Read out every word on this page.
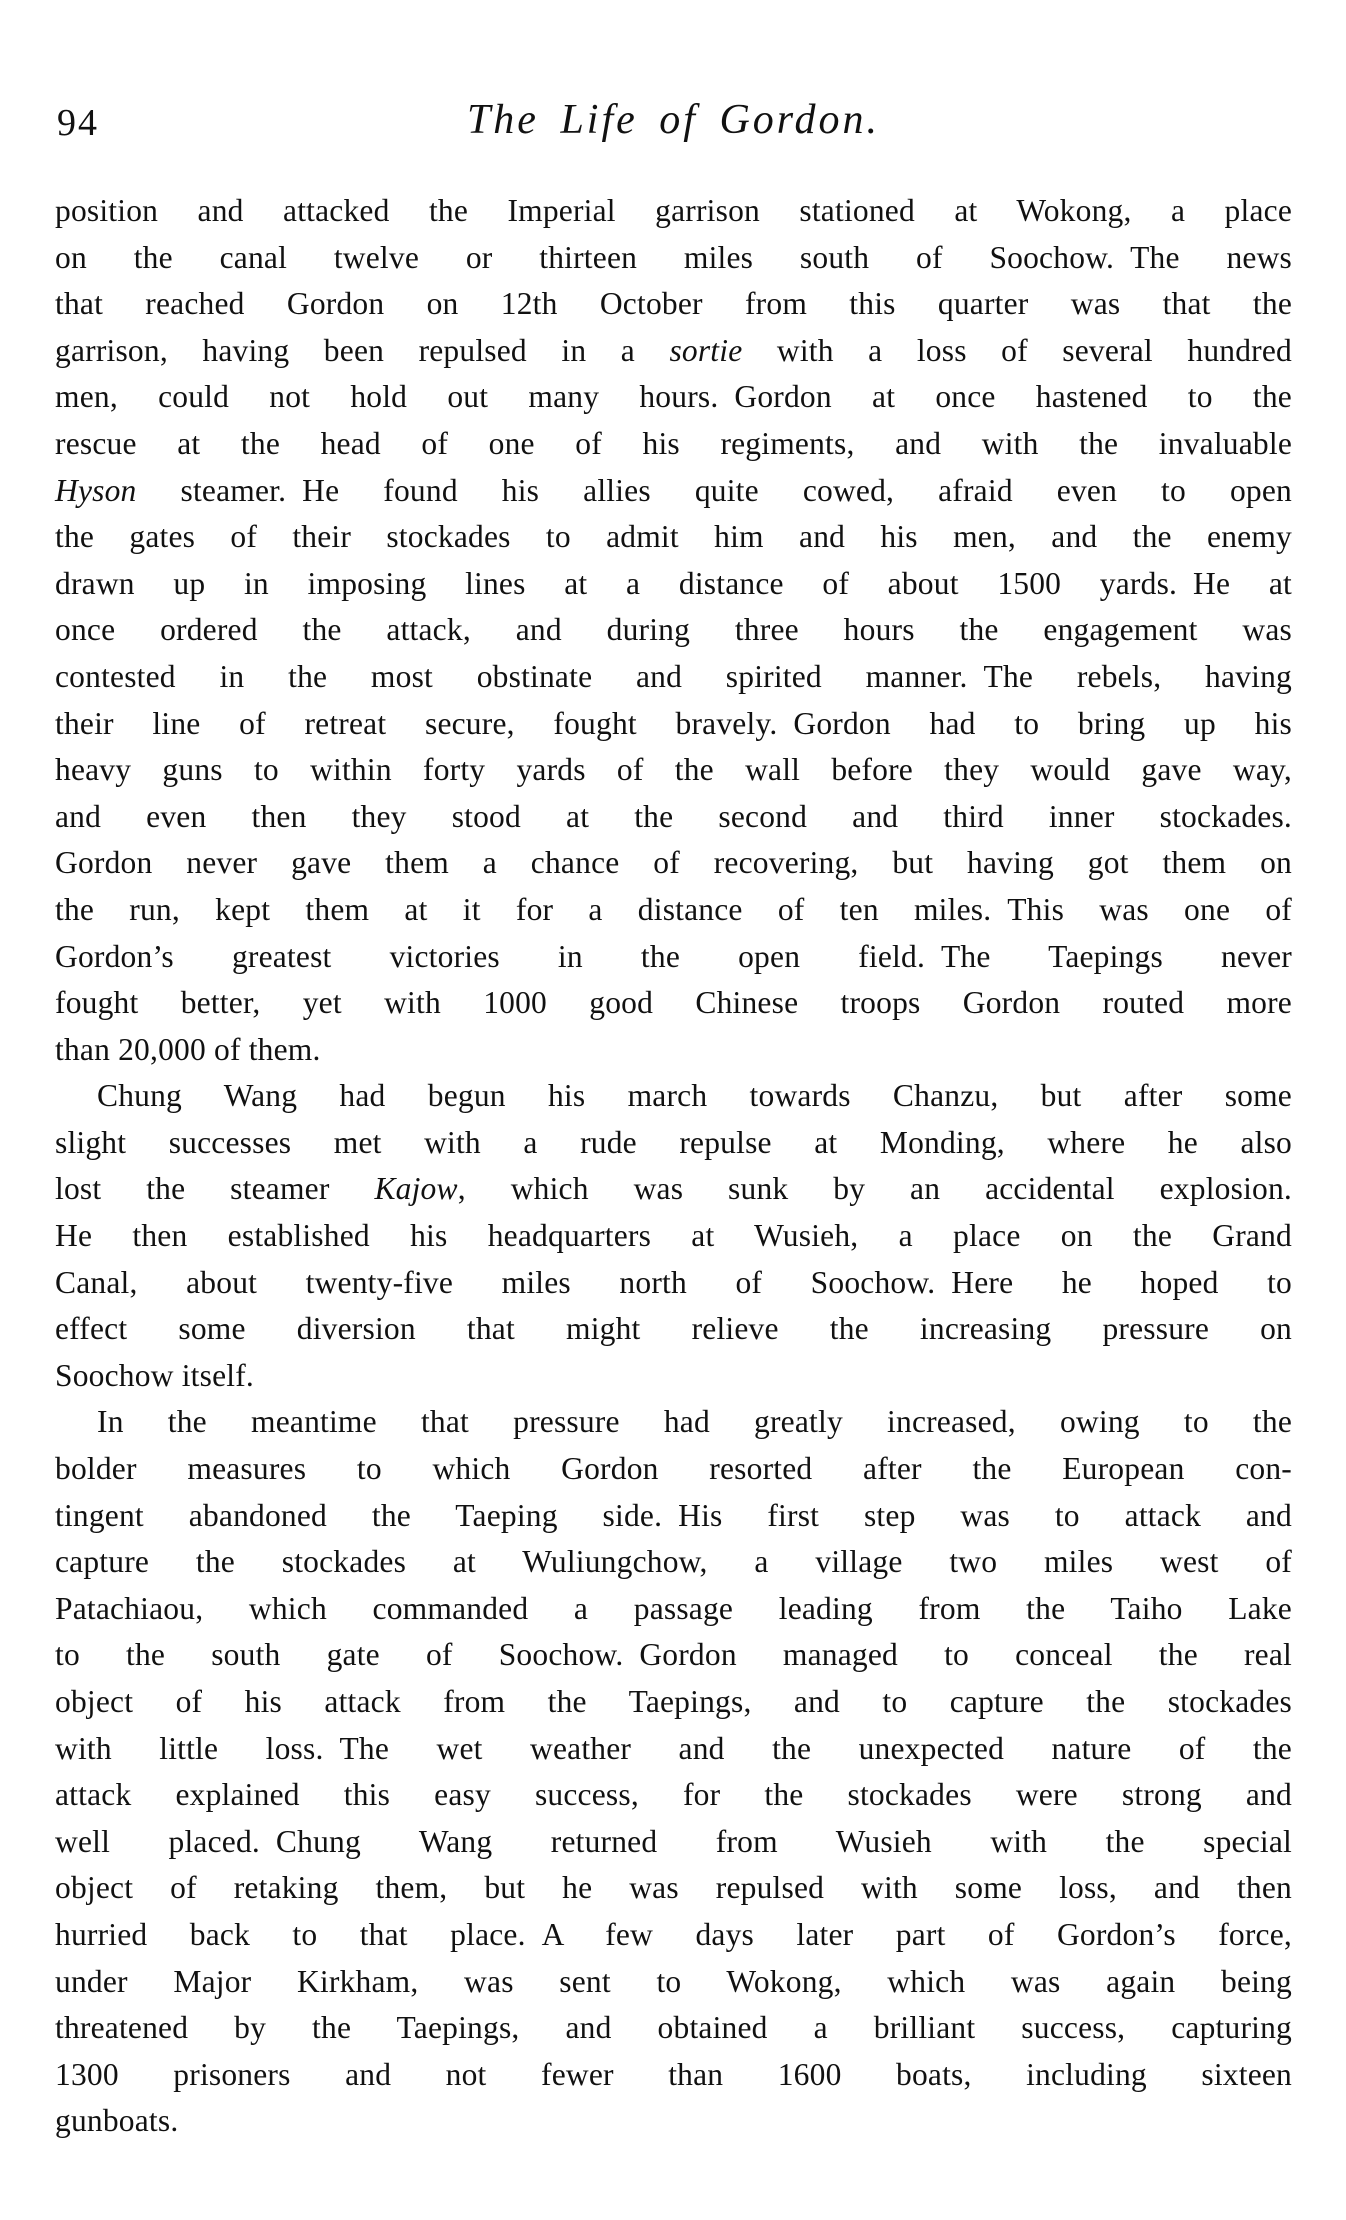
94	The Life of Gordon.
position and attacked the Imperial garrison stationed at Wokong, a place
on the canal twelve or thirteen miles south of Soochow. The news
that reached Gordon on 12th October from this quarter was that the
garrison, having been repulsed in a sortie with a loss of several hundred
men, could not hold out many hours. Gordon at once hastened to the
rescue at the head of one of his regiments, and with the invaluable
Hyson steamer. He found his allies quite cowed, afraid even to open
the gates of their stockades to admit him and his men, and the enemy
drawn up in imposing lines at a distance of about 1500 yards. He at
once ordered the attack, and during three hours the engagement was
contested in the most obstinate and spirited manner. The rebels, having
their line of retreat secure, fought bravely. Gordon had to bring up his
heavy guns to within forty yards of the wall before they would gave way,
and even then they stood at the second and third inner stockades.
Gordon never gave them a chance of recovering, but having got them on
the run, kept them at it for a distance of ten miles. This was one of
Gordon’s greatest victories in the open field. The Taepings never
fought better, yet with 1000 good Chinese troops Gordon routed more
than 20,000 of them.
Chung Wang had begun his march towards Chanzu, but after some
slight successes met with a rude repulse at Monding, where he also
lost the steamer Kajow, which was sunk by an accidental explosion.
He then established his headquarters at Wusieh, a place on the Grand
Canal, about twenty-five miles north of Soochow. Here he hoped to
effect some diversion that might relieve the increasing pressure on
Soochow itself.
In the meantime that pressure had greatly increased, owing to the
bolder measures to which Gordon resorted after the European con-
tingent abandoned the Taeping side. His first step was to attack and
capture the stockades at Wuliungchow, a village two miles west of
Patachiaou, which commanded a passage leading from the Taiho Lake
to the south gate of Soochow. Gordon managed to conceal the real
object of his attack from the Taepings, and to capture the stockades
with little loss. The wet weather and the unexpected nature of the
attack explained this easy success, for the stockades were strong and
well placed. Chung Wang returned from Wusieh with the special
object of retaking them, but he was repulsed with some loss, and then
hurried back to that place. A few days later part of Gordon’s force,
under Major Kirkham, was sent to Wokong, which was again being
threatened by the Taepings, and obtained a brilliant success, capturing
1300 prisoners and not fewer than 1600 boats, including sixteen
gunboats.
